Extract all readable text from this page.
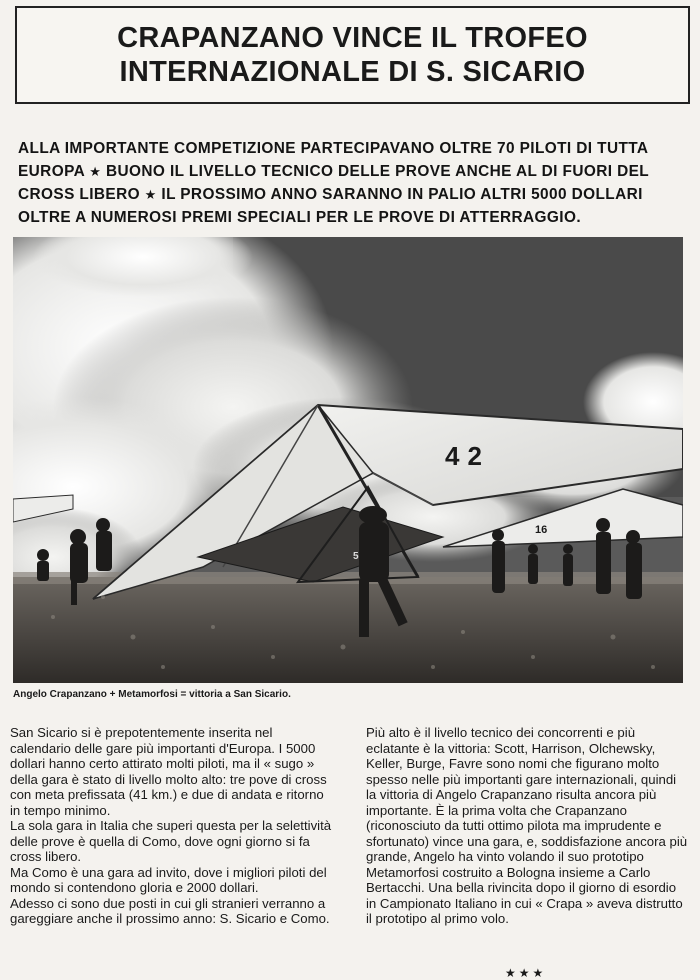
CRAPANZANO VINCE IL TROFEO
INTERNAZIONALE DI S. SICARIO
ALLA IMPORTANTE COMPETIZIONE PARTECIPAVANO OLTRE 70 PILOTI DI TUTTA EUROPA ★ BUONO IL LIVELLO TECNICO DELLE PROVE ANCHE AL DI FUORI DEL CROSS LIBERO ★ IL PROSSIMO ANNO SARANNO IN PALIO ALTRI 5000 DOLLARI OLTRE A NUMEROSI PREMI SPECIALI PER LE PROVE DI ATTERRAGGIO.
42
16
5
Angelo Crapanzano + Metamorfosi = vittoria a San Sicario.

San Sicario si è prepotentemente inserita nel calendario delle gare più importanti d'Europa. I 5000 dollari hanno certo attirato molti piloti, ma il « sugo » della gara è stato di livello molto alto: tre pove di cross con meta prefissata (41 km.) e due di andata e ritorno in tempo minimo.

La sola gara in Italia che superi questa per la selettività delle prove è quella di Como, dove ogni giorno si fa cross libero.

Ma Como è una gara ad invito, dove i migliori piloti del mondo si contendono gloria e 2000 dollari.

Adesso ci sono due posti in cui gli stranieri verranno a gareggiare anche il prossimo anno: S. Sicario e Como.

Più alto è il livello tecnico dei concorrenti e più eclatante è la vittoria: Scott, Harrison, Olchewsky, Keller, Burge, Favre sono nomi che figurano molto spesso nelle più importanti gare internazionali, quindi la vittoria di Angelo Crapanzano risulta ancora più importante. È la prima volta che Crapanzano (riconosciuto da tutti ottimo pilota ma imprudente e sfortunato) vince una gara, e, soddisfazione ancora più grande, Angelo ha vinto volando il suo prototipo Metamorfosi costruito a Bologna insieme a Carlo Bertacchi. Una bella rivincita dopo il giorno di esordio in Campionato Italiano in cui « Crapa » aveva distrutto il prototipo al primo volo.

★★★
